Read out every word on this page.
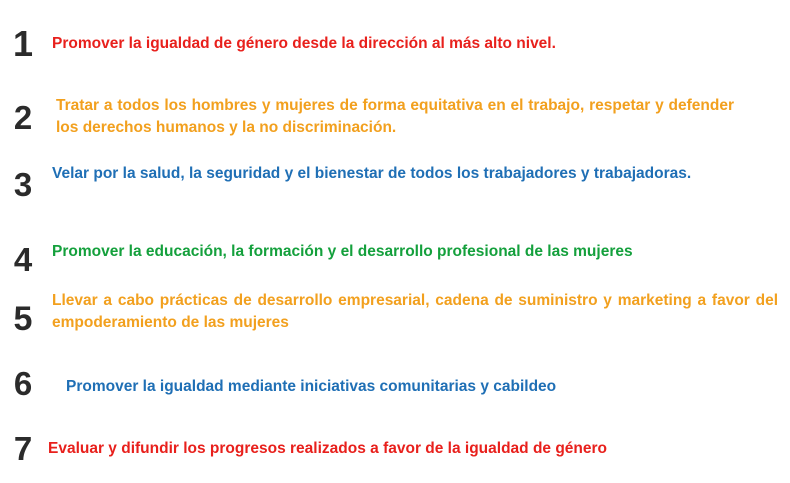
1	Promover la igualdad de género desde la dirección al más alto nivel.
2	Tratar a todos los hombres y mujeres de forma equitativa en el trabajo, respetar y defender los derechos humanos y la no discriminación.
3	Velar por la salud, la seguridad y el bienestar de todos los trabajadores y trabajadoras.
4	Promover la educación, la formación y el desarrollo profesional de las mujeres
5	Llevar a cabo prácticas de desarrollo empresarial, cadena de suministro y marketing a favor del empoderamiento de las mujeres
6	Promover la igualdad mediante iniciativas comunitarias y cabildeo
7	Evaluar y difundir los progresos realizados a favor de la igualdad de género
